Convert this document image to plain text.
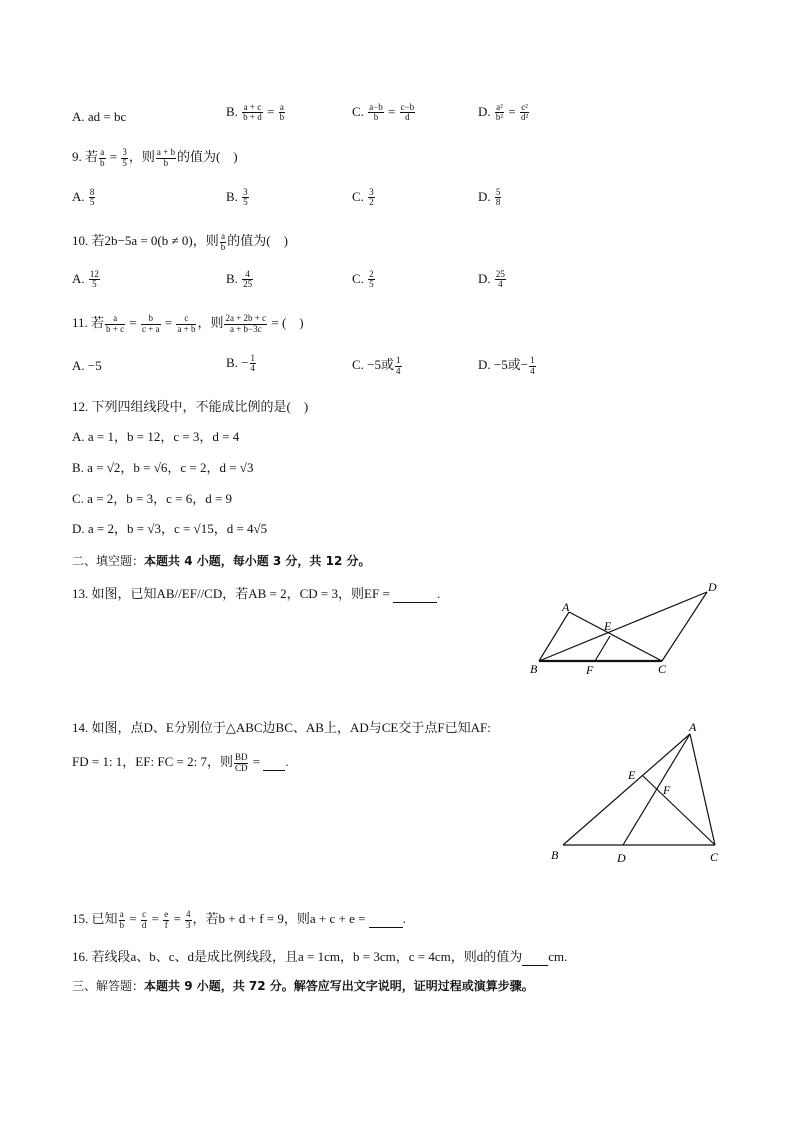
A. ad = bc	B. $\frac{a + c}{b + d} = \frac{a}{b}$	C. $\frac{a-b}{b} = \frac{c-b}{d}$	D. $\frac{\text{a²}}{\text{b²}} = \frac{\text{c²}}{\text{d²}}$
9. 若 $\frac{a}{b} = \frac{3}{5}$ ，则 $\frac{a + b}{b}$ 的值为(　)
A. $\frac{8}{5}$	B. $\frac{3}{5}$	C. $\frac{3}{2}$	D. $\frac{5}{8}$
10. 若2b−5a = 0(b ≠ 0)，则 $\frac{a}{b}$ 的值为(　)
A. $\frac{12}{5}$	B. $\frac{4}{25}$	C. $\frac{2}{5}$	D. $\frac{25}{4}$
11. 若 $\frac{a}{b + c} = \frac{b}{c + a} = \frac{c}{a + b}$ ，则 $\frac{2a + 2b + c}{a + b-3c}$ = (　)
A. −5	B. − $\frac{1}{4}$	C. −5或 $\frac{1}{4}$	D. −5或− $\frac{1}{4}$
12. 下列四组线段中，不能成比例的是(　)
A. a = 1，b = 12，c = 3，d = 4
B. a = √2，b = √6，c = 2，d = √3
C. a = 2，b = 3，c = 6，d = 9
D. a = 2，b = √3，c = √15，d = 4√5
二、填空题：本题共 4 小题，每小题 3 分，共 12 分。
13. 如图，已知AB//EF//CD，若AB = 2，CD = 3，则EF =	.
A
B	C
D
E
F
14. 如图，点D、E分别位于△ABC边BC、AB上，AD与CE交于点F已知AF:
FD = 1: 1，EF: FC = 2: 7，则 $\frac{BD}{CD}$ =  .
A
B	C
D
E
F
15. 已知 $\frac{a}{b} = \frac{c}{d} = \frac{e}{f} = \frac{4}{3}$ ，若b + d + f = 9，则a + c + e =	.
16. 若线段a、b、c、d是成比例线段，且a = 1cm，b = 3cm，c = 4cm，则d的值为 cm.
三、解答题：本题共 9 小题，共 72 分。解答应写出文字说明，证明过程或演算步骤。
